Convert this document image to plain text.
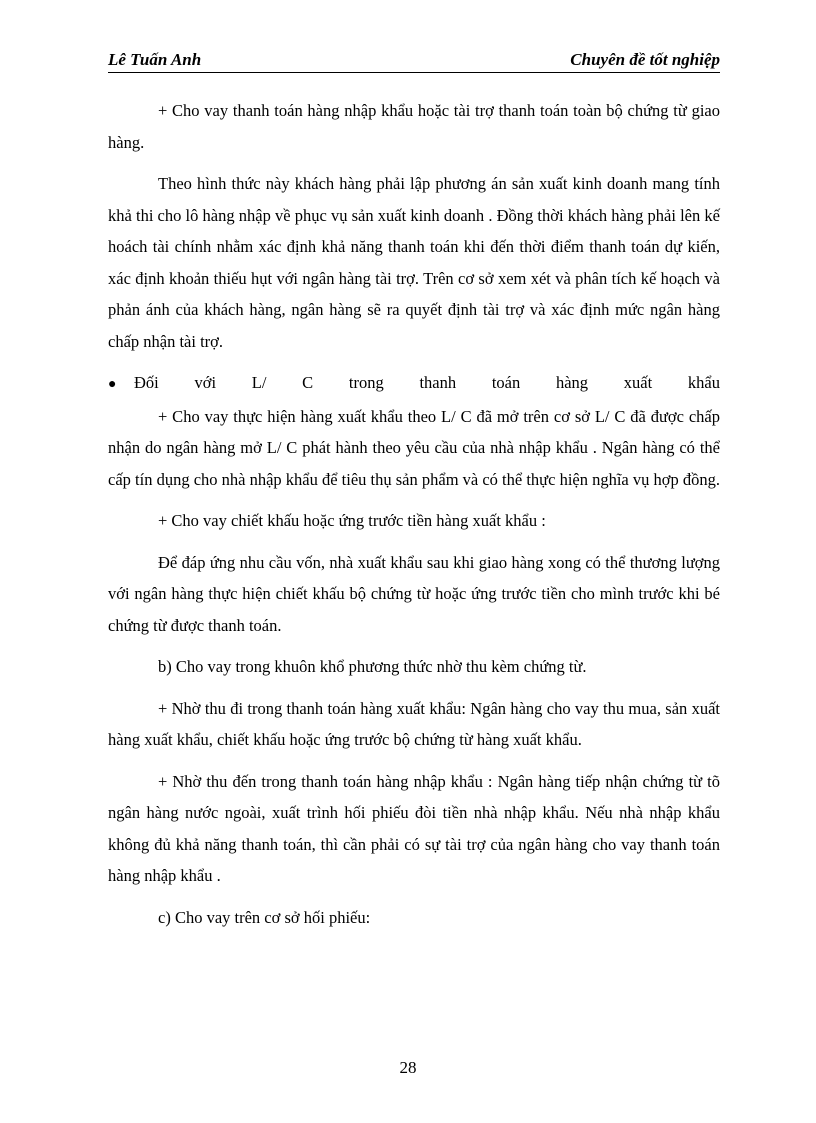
Lê Tuấn Anh	Chuyên đề tốt nghiệp

+ Cho vay thanh toán hàng nhập khẩu hoặc tài trợ thanh toán toàn bộ chứng từ giao hàng.

Theo hình thức này khách hàng phải lập phương án sản xuất kinh doanh mang tính khả thi cho lô hàng nhập về phục vụ sản xuất kinh doanh . Đồng thời khách hàng phải lên kế hoách tài chính nhằm xác định khả năng thanh toán khi đến thời điểm thanh toán dự kiến, xác định khoản thiếu hụt với ngân hàng tài trợ. Trên cơ sở xem xét và phân tích kế hoạch và phản ánh của khách hàng, ngân hàng sẽ ra quyết định tài trợ và xác định mức ngân hàng chấp nhận tài trợ.

● Đối với L/ C trong thanh toán hàng xuất khẩu

+ Cho vay thực hiện hàng xuất khẩu theo L/ C đã mở trên cơ sở L/ C đã được chấp nhận do ngân hàng mở L/ C phát hành theo yêu cầu của nhà nhập khẩu . Ngân hàng có thể cấp tín dụng cho nhà nhập khẩu để tiêu thụ sản phẩm và có thể thực hiện nghĩa vụ hợp đồng.

+ Cho vay chiết khấu hoặc ứng trước tiền hàng xuất khẩu :

Để đáp ứng nhu cầu vốn, nhà xuất khẩu sau khi giao hàng xong có thể thương lượng với ngân hàng thực hiện chiết khấu bộ chứng từ hoặc ứng trước tiền cho mình trước khi bé chứng từ được thanh toán.

b) Cho vay trong khuôn khổ phương thức nhờ thu kèm chứng từ.

+ Nhờ thu đi trong thanh toán hàng xuất khẩu: Ngân hàng cho vay thu mua, sản xuất hàng xuất khẩu, chiết khấu hoặc ứng trước bộ chứng từ hàng xuất khẩu.

+ Nhờ thu đến trong thanh toán hàng nhập khẩu : Ngân hàng tiếp nhận chứng từ tõ ngân hàng nước ngoài, xuất trình hối phiếu đòi tiền nhà nhập khẩu. Nếu nhà nhập khẩu không đủ khả năng thanh toán, thì cần phải có sự tài trợ của ngân hàng cho vay thanh toán hàng nhập khẩu .

c) Cho vay trên cơ sở hối phiếu:

28
